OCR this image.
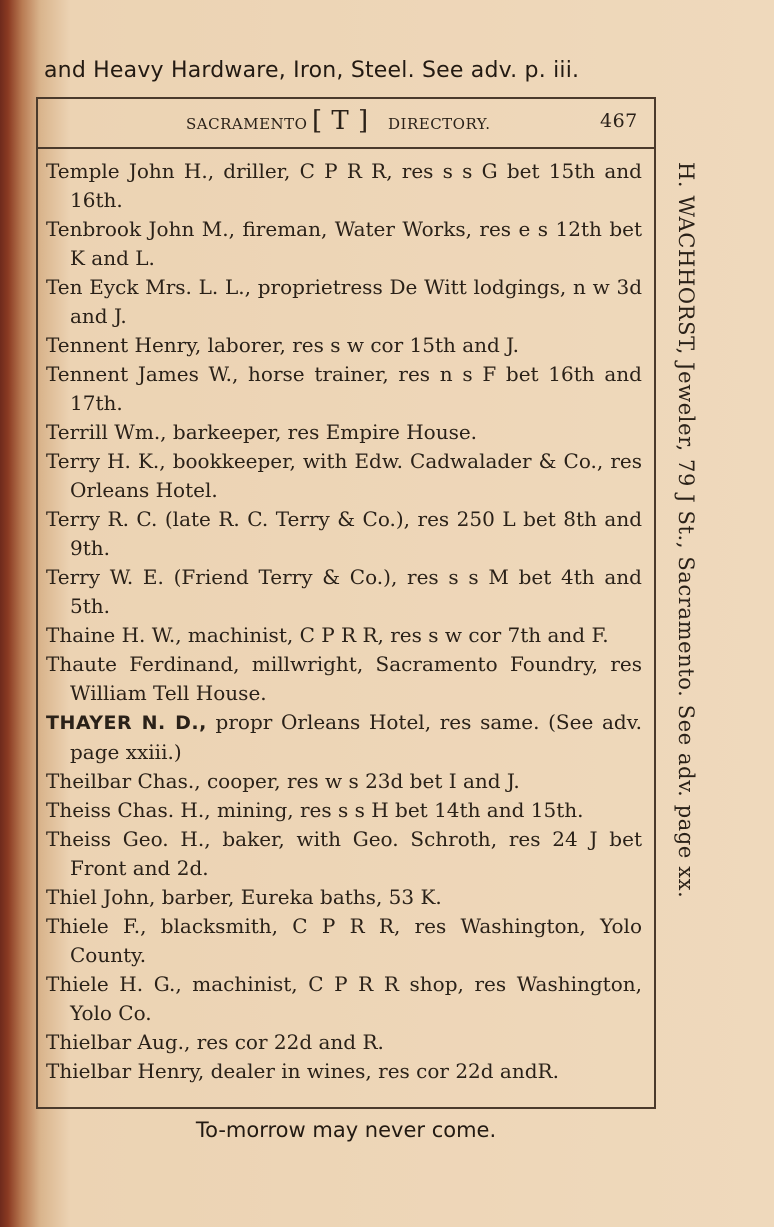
and Heavy Hardware, Iron, Steel. See adv. p. iii.
SACRAMENTO [ T ] DIRECTORY.	467
Temple John H., driller, C P R R, res s s G bet 15th and 16th.
Tenbrook John M., fireman, Water Works, res e s 12th bet K and L.
Ten Eyck Mrs. L. L., proprietress De Witt lodgings, n w 3d and J.
Tennent Henry, laborer, res s w cor 15th and J.
Tennent James W., horse trainer, res n s F bet 16th and 17th.
Terrill Wm., barkeeper, res Empire House.
Terry H. K., bookkeeper, with Edw. Cadwalader & Co., res Orleans Hotel.
Terry R. C. (late R. C. Terry & Co.), res 250 L bet 8th and 9th.
Terry W. E. (Friend Terry & Co.), res s s M bet 4th and 5th.
Thaine H. W., machinist, C P R R, res s w cor 7th and F.
Thaute Ferdinand, millwright, Sacramento Foundry, res William Tell House.
THAYER N. D., propr Orleans Hotel, res same. (See adv. page xxiii.)
Theilbar Chas., cooper, res w s 23d bet I and J.
Theiss Chas. H., mining, res s s H bet 14th and 15th.
Theiss Geo. H., baker, with Geo. Schroth, res 24 J bet Front and 2d.
Thiel John, barber, Eureka baths, 53 K.
Thiele F., blacksmith, C P R R, res Washington, Yolo County.
Thiele H. G., machinist, C P R R shop, res Washington, Yolo Co.
Thielbar Aug., res cor 22d and R.
Thielbar Henry, dealer in wines, res cor 22d andR.
H. WACHHORST, Jeweler, 79 J St., Sacramento. See adv. page xx.
To-morrow may never come.
